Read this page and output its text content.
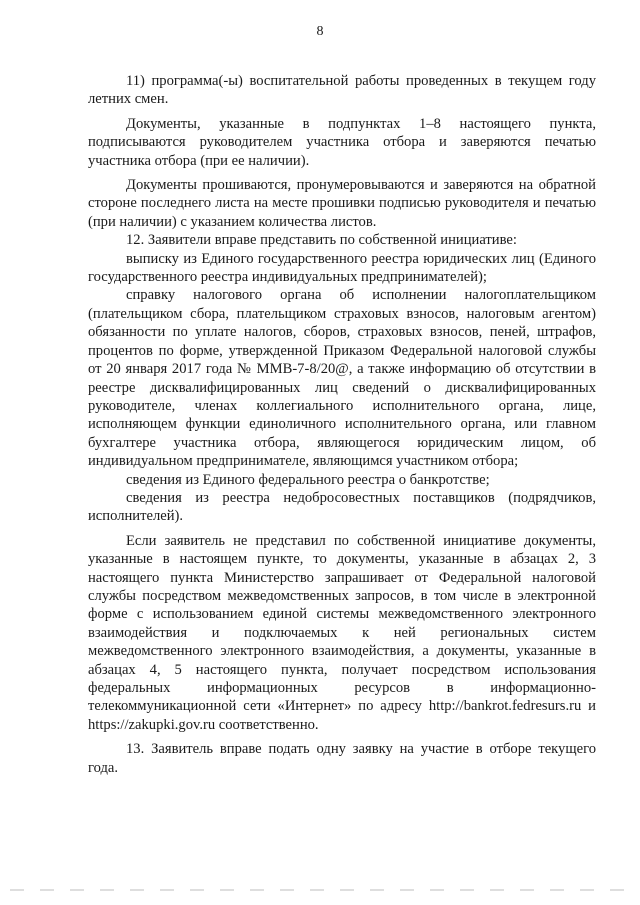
8

11) программа(-ы) воспитательной работы проведенных в текущем году летних смен.

Документы, указанные в подпунктах 1–8 настоящего пункта, подписываются руководителем участника отбора и заверяются печатью участника отбора (при ее наличии).

Документы прошиваются, пронумеровываются и заверяются на обратной стороне последнего листа на месте прошивки подписью руководителя и печатью (при наличии) с указанием количества листов.

12. Заявители вправе представить по собственной инициативе:

выписку из Единого государственного реестра юридических лиц (Единого государственного реестра индивидуальных предпринимателей);

справку налогового органа об исполнении налогоплательщиком (плательщиком сбора, плательщиком страховых взносов, налоговым агентом) обязанности по уплате налогов, сборов, страховых взносов, пеней, штрафов, процентов по форме, утвержденной Приказом Федеральной налоговой службы от 20 января 2017 года № ММВ-7-8/20@, а также информацию об отсутствии в реестре дисквалифицированных лиц сведений о дисквалифицированных руководителе, членах коллегиального исполнительного органа, лице, исполняющем функции единоличного исполнительного органа, или главном бухгалтере участника отбора, являющегося юридическим лицом, об индивидуальном предпринимателе, являющимся участником отбора;

сведения из Единого федерального реестра о банкротстве;

сведения из реестра недобросовестных поставщиков (подрядчиков, исполнителей).

Если заявитель не представил по собственной инициативе документы, указанные в настоящем пункте, то документы, указанные в абзацах 2, 3 настоящего пункта Министерство запрашивает от Федеральной налоговой службы посредством межведомственных запросов, в том числе в электронной форме с использованием единой системы межведомственного электронного взаимодействия и подключаемых к ней региональных систем межведомственного электронного взаимодействия, а документы, указанные в абзацах 4, 5 настоящего пункта, получает посредством использования федеральных информационных ресурсов в информационно-телекоммуникационной сети «Интернет» по адресу http://bankrot.fedresurs.ru и https://zakupki.gov.ru соответственно.

13. Заявитель вправе подать одну заявку на участие в отборе текущего года.
